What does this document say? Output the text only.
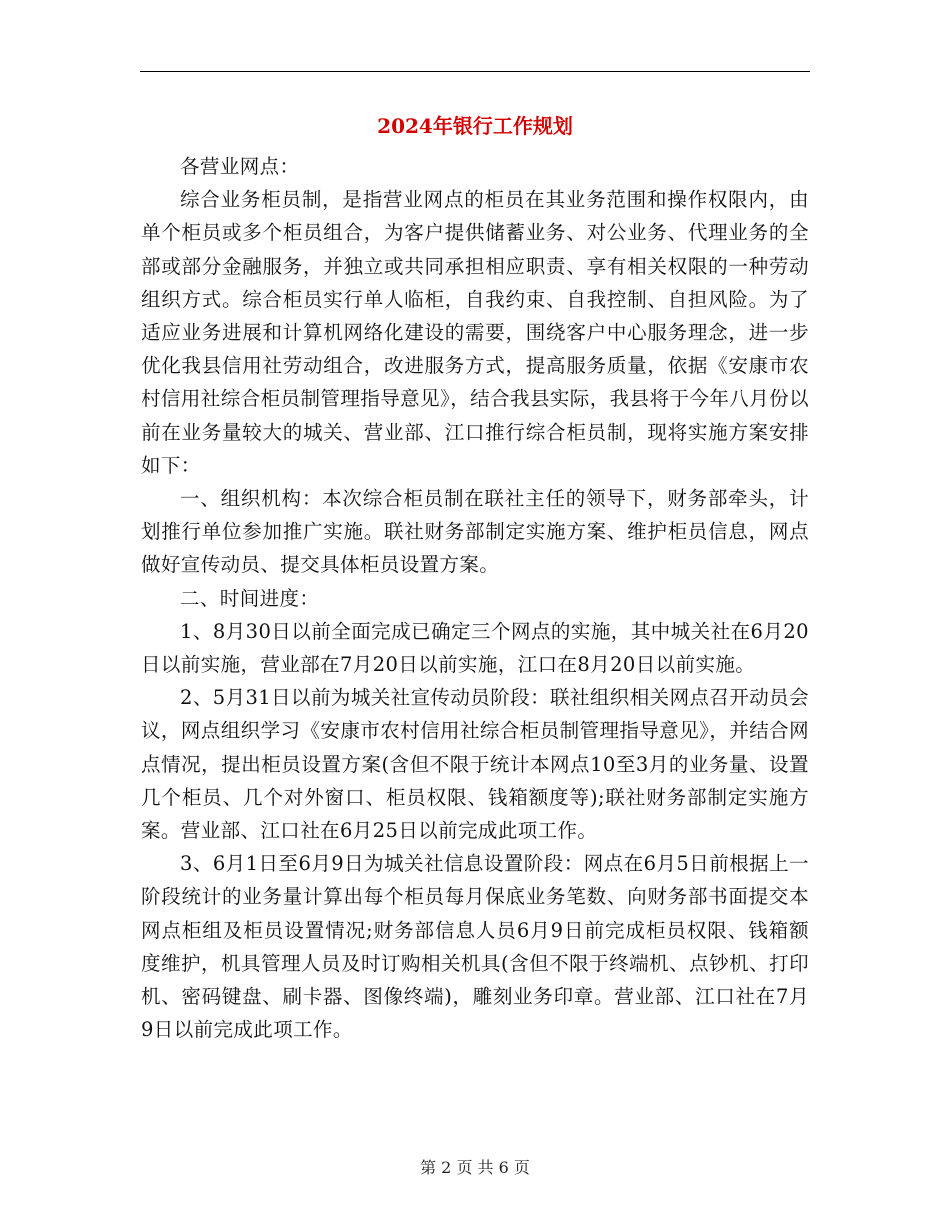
2024年银行工作规划

各营业网点：

综合业务柜员制，是指营业网点的柜员在其业务范围和操作权限内，由单个柜员或多个柜员组合，为客户提供储蓄业务、对公业务、代理业务的全部或部分金融服务，并独立或共同承担相应职责、享有相关权限的一种劳动组织方式。综合柜员实行单人临柜，自我约束、自我控制、自担风险。为了适应业务进展和计算机网络化建设的需要，围绕客户中心服务理念，进一步优化我县信用社劳动组合，改进服务方式，提高服务质量，依据《安康市农村信用社综合柜员制管理指导意见》，结合我县实际，我县将于今年八月份以前在业务量较大的城关、营业部、江口推行综合柜员制，现将实施方案安排如下：

一、组织机构：本次综合柜员制在联社主任的领导下，财务部牵头，计划推行单位参加推广实施。联社财务部制定实施方案、维护柜员信息，网点做好宣传动员、提交具体柜员设置方案。

二、时间进度：

1、8月30日以前全面完成已确定三个网点的实施，其中城关社在6月20日以前实施，营业部在7月20日以前实施，江口在8月20日以前实施。

2、5月31日以前为城关社宣传动员阶段：联社组织相关网点召开动员会议，网点组织学习《安康市农村信用社综合柜员制管理指导意见》，并结合网点情况，提出柜员设置方案(含但不限于统计本网点10至3月的业务量、设置几个柜员、几个对外窗口、柜员权限、钱箱额度等);联社财务部制定实施方案。营业部、江口社在6月25日以前完成此项工作。

3、6月1日至6月9日为城关社信息设置阶段：网点在6月5日前根据上一阶段统计的业务量计算出每个柜员每月保底业务笔数、向财务部书面提交本网点柜组及柜员设置情况;财务部信息人员6月9日前完成柜员权限、钱箱额度维护，机具管理人员及时订购相关机具(含但不限于终端机、点钞机、打印机、密码键盘、刷卡器、图像终端)，雕刻业务印章。营业部、江口社在7月9日以前完成此项工作。

第 2 页 共 6 页
